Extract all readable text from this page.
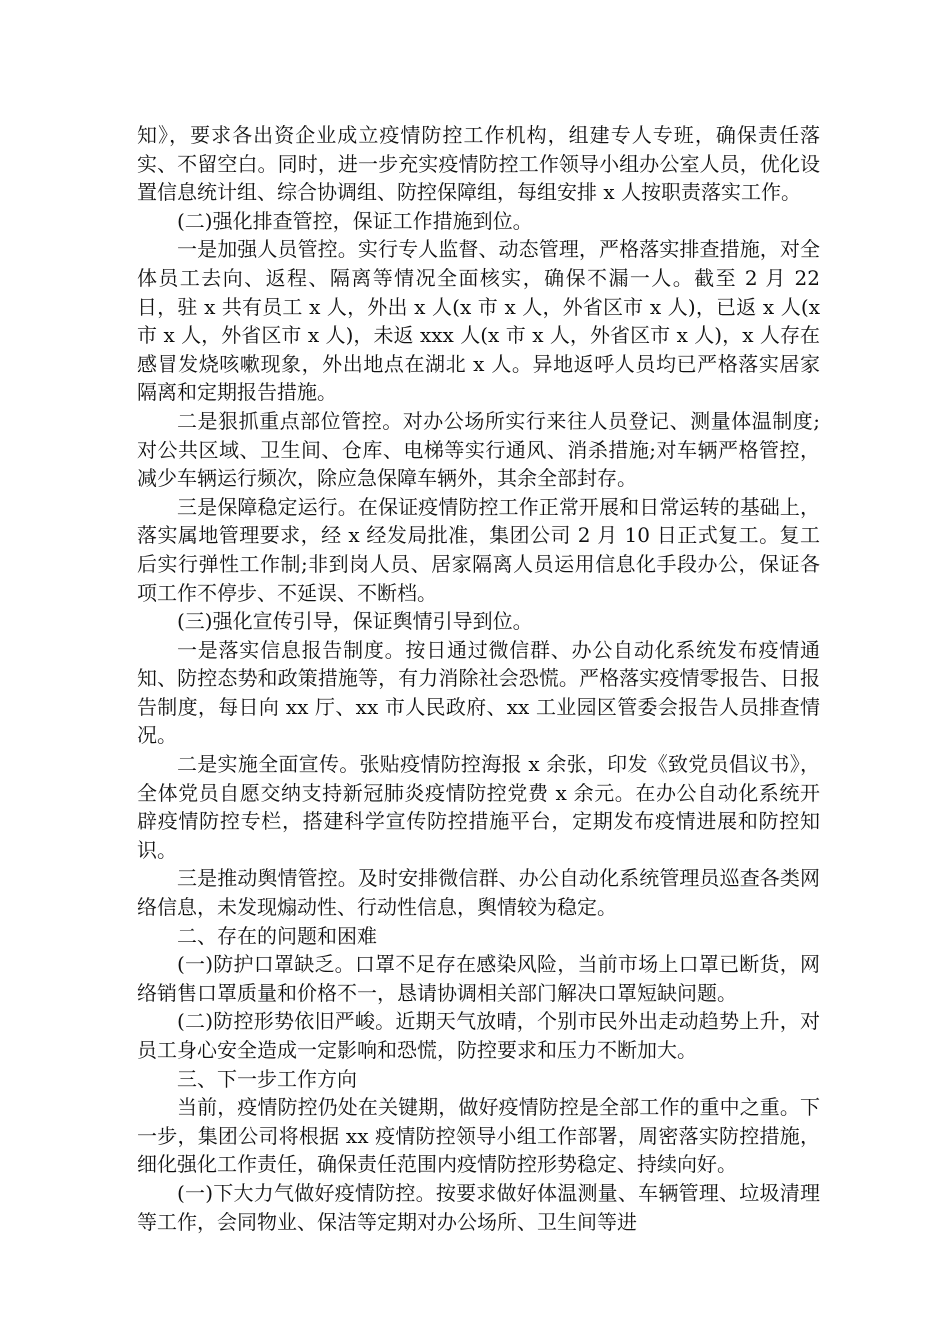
知》，要求各出资企业成立疫情防控工作机构，组建专人专班，确保责任落实、不留空白。同时，进一步充实疫情防控工作领导小组办公室人员，优化设置信息统计组、综合协调组、防控保障组，每组安排 x 人按职责落实工作。

(二)强化排查管控，保证工作措施到位。

一是加强人员管控。实行专人监督、动态管理，严格落实排查措施，对全体员工去向、返程、隔离等情况全面核实，确保不漏一人。截至 2 月 22 日，驻 x 共有员工 x 人，外出 x 人(x 市 x 人，外省区市 x 人)，已返 x 人(x 市 x 人，外省区市 x 人)，未返 xxx 人(x 市 x 人，外省区市 x 人)，x 人存在感冒发烧咳嗽现象，外出地点在湖北 x 人。异地返呼人员均已严格落实居家隔离和定期报告措施。

二是狠抓重点部位管控。对办公场所实行来往人员登记、测量体温制度;对公共区域、卫生间、仓库、电梯等实行通风、消杀措施;对车辆严格管控，减少车辆运行频次，除应急保障车辆外，其余全部封存。

三是保障稳定运行。在保证疫情防控工作正常开展和日常运转的基础上，落实属地管理要求，经 x 经发局批准，集团公司 2 月 10 日正式复工。复工后实行弹性工作制;非到岗人员、居家隔离人员运用信息化手段办公，保证各项工作不停步、不延误、不断档。

(三)强化宣传引导，保证舆情引导到位。

一是落实信息报告制度。按日通过微信群、办公自动化系统发布疫情通知、防控态势和政策措施等，有力消除社会恐慌。严格落实疫情零报告、日报告制度，每日向 xx 厅、xx 市人民政府、xx 工业园区管委会报告人员排查情况。

二是实施全面宣传。张贴疫情防控海报 x 余张，印发《致党员倡议书》，全体党员自愿交纳支持新冠肺炎疫情防控党费 x 余元。在办公自动化系统开辟疫情防控专栏，搭建科学宣传防控措施平台，定期发布疫情进展和防控知识。

三是推动舆情管控。及时安排微信群、办公自动化系统管理员巡查各类网络信息，未发现煽动性、行动性信息，舆情较为稳定。

二、存在的问题和困难

(一)防护口罩缺乏。口罩不足存在感染风险，当前市场上口罩已断货，网络销售口罩质量和价格不一，恳请协调相关部门解决口罩短缺问题。

(二)防控形势依旧严峻。近期天气放晴，个别市民外出走动趋势上升，对员工身心安全造成一定影响和恐慌，防控要求和压力不断加大。

三、下一步工作方向

当前，疫情防控仍处在关键期，做好疫情防控是全部工作的重中之重。下一步，集团公司将根据 xx 疫情防控领导小组工作部署，周密落实防控措施，细化强化工作责任，确保责任范围内疫情防控形势稳定、持续向好。

(一)下大力气做好疫情防控。按要求做好体温测量、车辆管理、垃圾清理等工作，会同物业、保洁等定期对办公场所、卫生间等进
